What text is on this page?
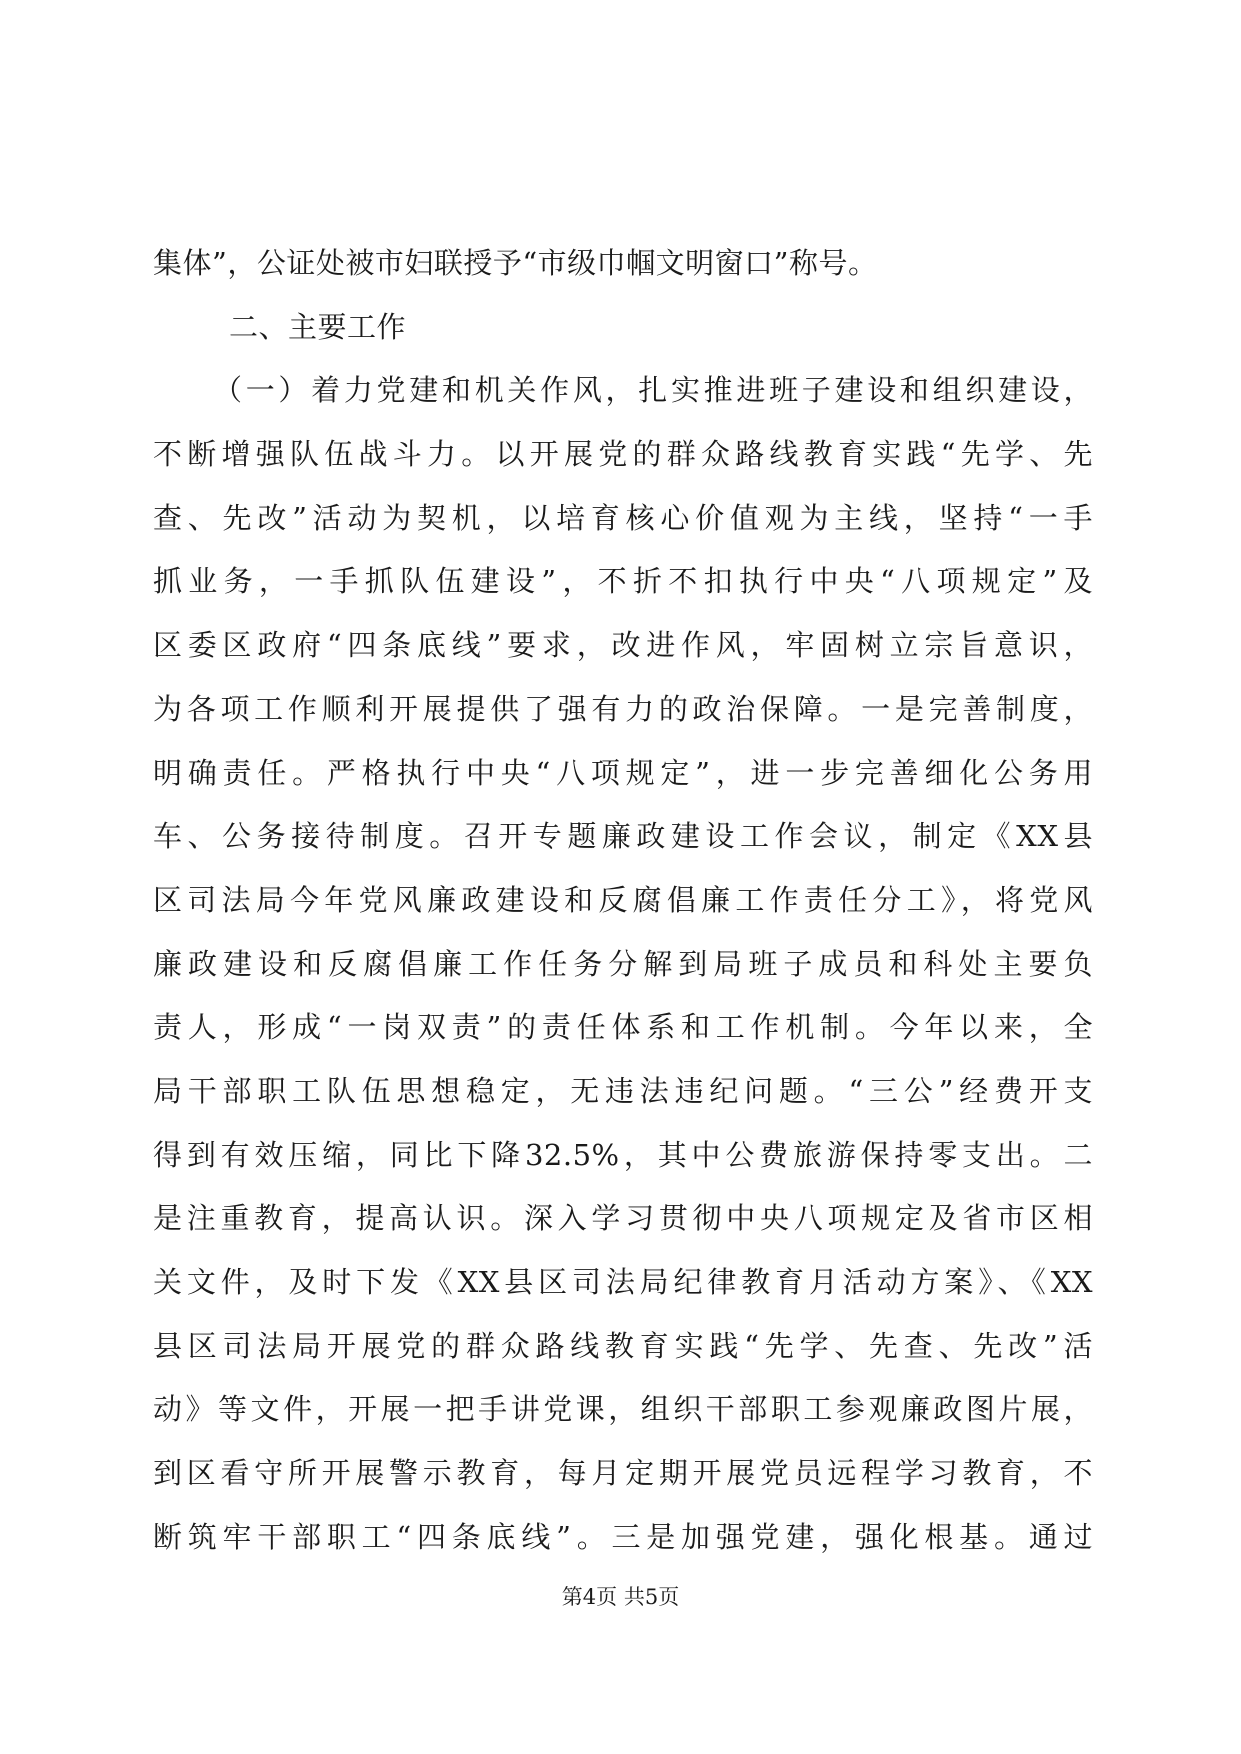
集体”，公证处被市妇联授予“市级巾帼文明窗口”称号。
二、主要工作
（一）着力党建和机关作风，扎实推进班子建设和组织建设，
不断增强队伍战斗力。以开展党的群众路线教育实践“先学、先
查、先改”活动为契机，以培育核心价值观为主线，坚持“一手
抓业务，一手抓队伍建设”，不折不扣执行中央“八项规定”及
区委区政府“四条底线”要求，改进作风，牢固树立宗旨意识，
为各项工作顺利开展提供了强有力的政治保障。一是完善制度，
明确责任。严格执行中央“八项规定”，进一步完善细化公务用
车、公务接待制度。召开专题廉政建设工作会议，制定《XX县
区司法局今年党风廉政建设和反腐倡廉工作责任分工》，将党风
廉政建设和反腐倡廉工作任务分解到局班子成员和科处主要负
责人，形成“一岗双责”的责任体系和工作机制。今年以来，全
局干部职工队伍思想稳定，无违法违纪问题。“三公”经费开支
得到有效压缩，同比下降32.5%，其中公费旅游保持零支出。二
是注重教育，提高认识。深入学习贯彻中央八项规定及省市区相
关文件，及时下发《XX县区司法局纪律教育月活动方案》、《XX
县区司法局开展党的群众路线教育实践“先学、先查、先改”活
动》等文件，开展一把手讲党课，组织干部职工参观廉政图片展，
到区看守所开展警示教育，每月定期开展党员远程学习教育，不
断筑牢干部职工“四条底线”。三是加强党建，强化根基。通过
第4页 共5页
